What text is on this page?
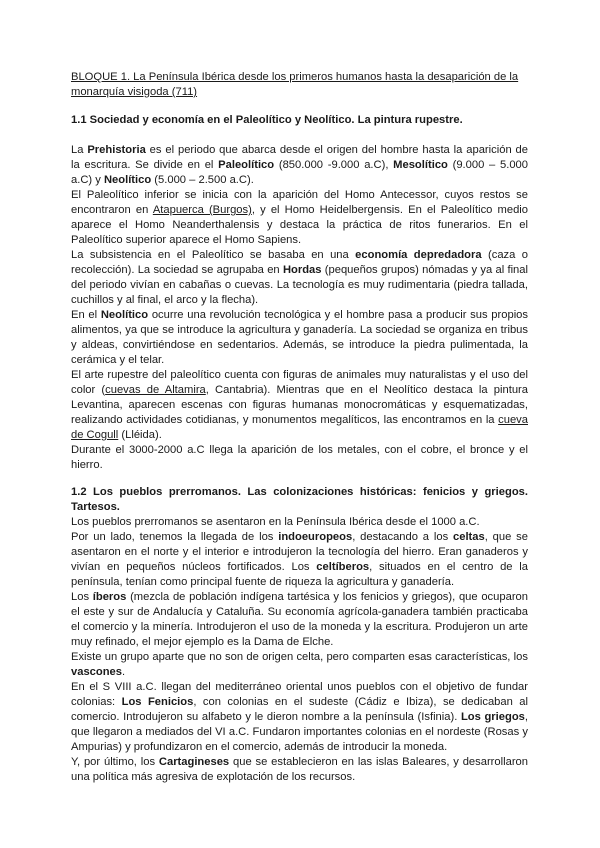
BLOQUE 1. La Península Ibérica desde los primeros humanos hasta la desaparición de la monarquía visigoda (711)
1.1 Sociedad y economía en el Paleolítico y Neolítico. La pintura rupestre.

La Prehistoria es el periodo que abarca desde el origen del hombre hasta la aparición de la escritura. Se divide en el Paleolítico (850.000 -9.000 a.C), Mesolítico (9.000 – 5.000 a.C) y Neolítico (5.000 – 2.500 a.C).

El Paleolítico inferior se inicia con la aparición del Homo Antecessor, cuyos restos se encontraron en Atapuerca (Burgos), y el Homo Heidelbergensis. En el Paleolítico medio aparece el Homo Neanderthalensis y destaca la práctica de ritos funerarios. En el Paleolítico superior aparece el Homo Sapiens.

La subsistencia en el Paleolítico se basaba en una economía depredadora (caza o recolección). La sociedad se agrupaba en Hordas (pequeños grupos) nómadas y ya al final del periodo vivían en cabañas o cuevas. La tecnología es muy rudimentaria (piedra tallada, cuchillos y al final, el arco y la flecha).

En el Neolítico ocurre una revolución tecnológica y el hombre pasa a producir sus propios alimentos, ya que se introduce la agricultura y ganadería. La sociedad se organiza en tribus y aldeas, convirtiéndose en sedentarios. Además, se introduce la piedra pulimentada, la cerámica y el telar.

El arte rupestre del paleolítico cuenta con figuras de animales muy naturalistas y el uso del color (cuevas de Altamira, Cantabria). Mientras que en el Neolítico destaca la pintura Levantina, aparecen escenas con figuras humanas monocromáticas y esquematizadas, realizando actividades cotidianas, y monumentos megalíticos, las encontramos en la cueva de Cogull (Lléida).

Durante el 3000-2000 a.C llega la aparición de los metales, con el cobre, el bronce y el hierro.

1.2 Los pueblos prerromanos. Las colonizaciones históricas: fenicios y griegos. Tartesos.

Los pueblos prerromanos se asentaron en la Península Ibérica desde el 1000 a.C.

Por un lado, tenemos la llegada de los indoeuropeos, destacando a los celtas, que se asentaron en el norte y el interior e introdujeron la tecnología del hierro. Eran ganaderos y vivían en pequeños núcleos fortificados. Los celtíberos, situados en el centro de la península, tenían como principal fuente de riqueza la agricultura y ganadería.

Los íberos (mezcla de población indígena tartésica y los fenicios y griegos), que ocuparon el este y sur de Andalucía y Cataluña. Su economía agrícola-ganadera también practicaba el comercio y la minería. Introdujeron el uso de la moneda y la escritura. Produjeron un arte muy refinado, el mejor ejemplo es la Dama de Elche.

Existe un grupo aparte que no son de origen celta, pero comparten esas características, los vascones.

En el S VIII a.C. llegan del mediterráneo oriental unos pueblos con el objetivo de fundar colonias: Los Fenicios, con colonias en el sudeste (Cádiz e Ibiza), se dedicaban al comercio. Introdujeron su alfabeto y le dieron nombre a la península (Isfinia). Los griegos, que llegaron a mediados del VI a.C. Fundaron importantes colonias en el nordeste (Rosas y Ampurias) y profundizaron en el comercio, además de introducir la moneda.

Y, por último, los Cartagineses que se establecieron en las islas Baleares, y desarrollaron una política más agresiva de explotación de los recursos.
